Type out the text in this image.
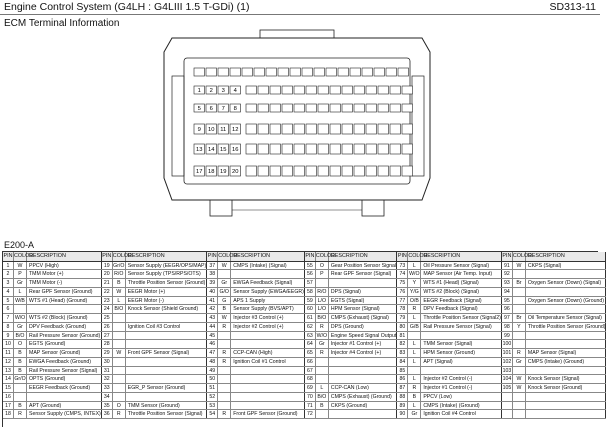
Engine Control System (G4LH : G4LIII 1.5 T-GDi) (1)	SD313-11
ECM Terminal Information
1 2 3 4
5 6 7 8
9 10 11 12
13 14 15 16
17 18 19 20
E200-A
PIN COLOR
DESCRIPTION
1	W	PPCV (High)
2	P	TMM Motor (+)
3	Gr	TMM Motor (-)
4	L	Rear GPF Sensor (Ground)
5	W/B WTS #1 (Head) (Ground)
6
7	W/O WTS #2 (Block) (Ground)
8	Gr	DPV Feedback (Ground)
9	B/O Rail Pressure Sensor (Ground)
10	O	EGTS (Ground)
11	B	MAP Sensor (Ground)
12	B	EWGA Feedback (Ground)
13	B	Rail Pressure Sensor (Signal)
14 Gr/O OPTS (Ground)
15	EEGR Feedback (Ground)
16
17	B	APT (Ground)
18	R	Sensor Supply (CMPS, INTEX)
PIN COLOR
DESCRIPTION
19 Gr/O Sensor Supply (EEGR/OPS/MAP)
20 R/O Sensor Supply (TPS/RPS/OTS)
21	B	Throttle Position Sensor (Ground)
22	W	EEGR Motor (+)
23	L	EEGR Motor (-)
24 B/O Knock Sensor (Shield Ground)
25
26	Ignition Coil #3 Control
27
28
29	W	Front GPF Sensor (Signal)
30
31
32
33	EGR_P Sensor (Ground)
34
35	O	TMM Sensor (Ground)
36	R	Throttle Position Sensor (Signal)
PIN COLOR
DESCRIPTION
37	W	CMPS (Intake) (Signal)
38
39	Gr	EWGA Feedback (Signal)
40 G/O Sensor Supply (EWGA/EEGR)
41	G	APS 1 Supply
42	B	Sensor Supply (BVS/APT)
43	W	Injector #3 Control (+)
44	R	Injector #2 Control (+)
45
46
47	R	CCP-CAN (High)
48	R	Ignition Coil #1 Control
49
50
51
52
53
54	R	Front GPF Sensor (Ground)
PIN COLOR
DESCRIPTION
55	O	Gear Position Sensor Signal
56	P	Rear GPF Sensor (Signal)
57
58 R/O DPS (Signal)
59 L/O EGTS (Signal)
60 L/O HPM Sensor (Signal)
61 B/O CMPS (Exhaust) (Signal)
62	R	DPS (Ground)
63 W/O Engine Speed Signal Output
64	Gr	Injector #1 Control (+)
65	R	Injector #4 Control (+)
66
67
68
69	L	CCP-CAN (Low)
70 B/O CMPS (Exhaust) (Ground)
71	B	CKPS (Ground)
72
PIN COLOR
DESCRIPTION
73	L	Oil Pressure Sensor (Signal)
74 W/O MAP Sensor (Air Temp. Input)
75	Y	WTS #1 (Head) (Signal)
76 Y/G WTS #2 (Block) (Signal)
77 O/B EEGR Feedback (Signal)
78	R	DPV Feedback (Signal)
79	L	Throttle Position Sensor (Signal2)
80 G/B Rail Pressure Sensor (Signal)
81
82	L	TMM Sensor (Signal)
83	L	HPM Sensor (Ground)
84	L	APT (Signal)
85
86	L	Injector #2 Control (-)
87	R	Injector #1 Control (-)
88	B	PPCV (Low)
89	L	CMPS (Intake) (Ground)
90	Gr	Ignition Coil #4 Control
PIN COLOR
DESCRIPTION
91	W	CKPS (Signal)
92
93	Br	Oxygen Sensor (Down) (Signal)
94
95	Oxygen Sensor (Down) (Ground)
96
97	Br	Oil Temperature Sensor (Signal)
98	Y	Throttle Position Sensor (Ground)
99
100
101	R	MAP Sensor (Signal)
102 Gr	CMPS (Intake) (Ground)
103
104	W	Knock Sensor (Signal)
105	W	Knock Sensor (Ground)
